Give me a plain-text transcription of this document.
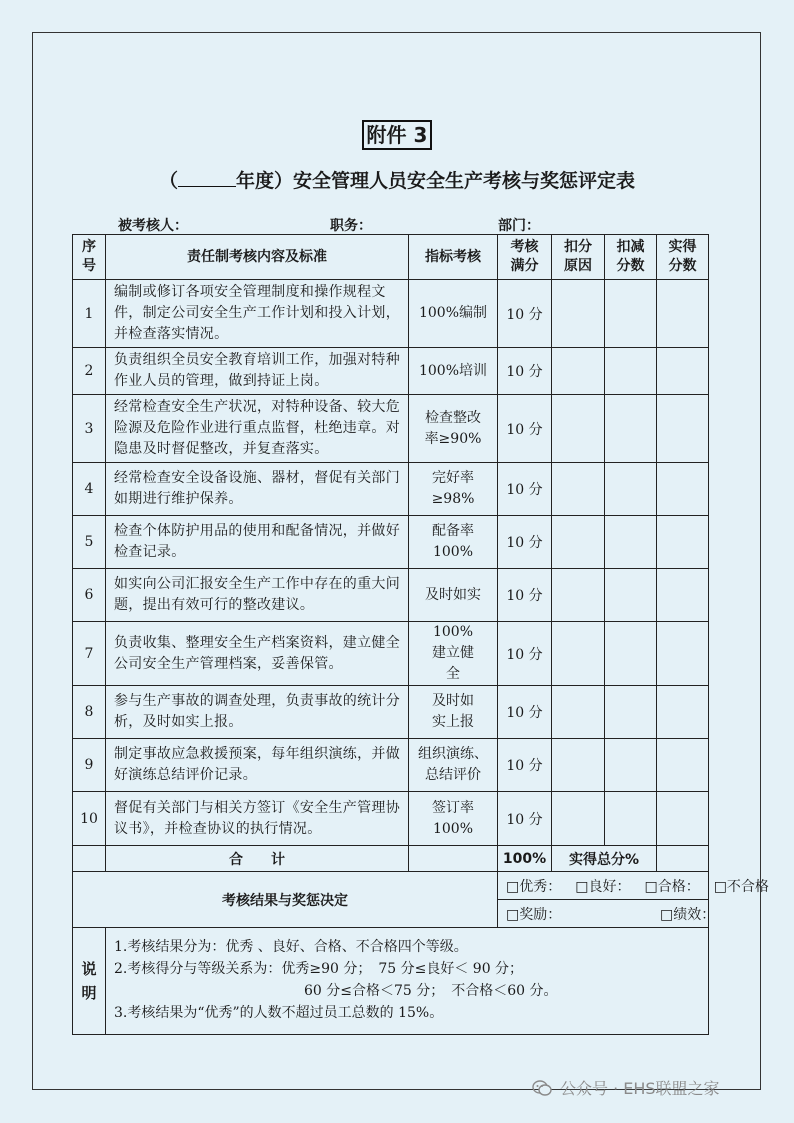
附件 3
（	年度）安全管理人员安全生产考核与奖惩评定表
被考核人：	职务：	部门：
序号	责任制考核内容及标准	指标考核	考核满分	扣分原因	扣减分数	实得分数

1	编制或修订各项安全管理制度和操作规程文件，制定公司安全生产工作计划和投入计划，并检查落实情况。	100%编制	10 分			
2	负责组织全员安全教育培训工作，加强对特种作业人员的管理，做到持证上岗。	100%培训	10 分			
3	经常检查安全生产状况，对特种设备、较大危险源及危险作业进行重点监督，杜绝违章。对隐患及时督促整改，并复查落实。	检查整改率≥90%	10 分			
4	经常检查安全设备设施、器材，督促有关部门如期进行维护保养。	完好率≥98%	10 分			
5	检查个体防护用品的使用和配备情况，并做好检查记录。	配备率100%	10 分			
6	如实向公司汇报安全生产工作中存在的重大问题，提出有效可行的整改建议。	及时如实	10 分			
7	负责收集、整理安全生产档案资料，建立健全公司安全生产管理档案，妥善保管。	100%建立健全	10 分			
8	参与生产事故的调查处理，负责事故的统计分析，及时如实上报。	及时如实上报	10 分			
9	制定事故应急救援预案，每年组织演练，并做好演练总结评价记录。	组织演练、总结评价	10 分			
10	督促有关部门与相关方签订《安全生产管理协议书》，并检查协议的执行情况。	签订率100%	10 分			
	合　　计		100%	实得总分%		
考核结果与奖惩决定			□优秀： □良好： □合格： □不合格			
			□奖励： □绩效：			

说明	1.考核结果分为：优秀 、良好、合格、不合格四个等级。
2.考核得分与等级关系为：优秀≥90 分；　75 分≤良好＜ 90 分；
60 分≤合格＜75 分；　不合格＜60 分。
3.考核结果为“优秀”的人数不超过员工总数的 15%。					
公众号 · EHS联盟之家
